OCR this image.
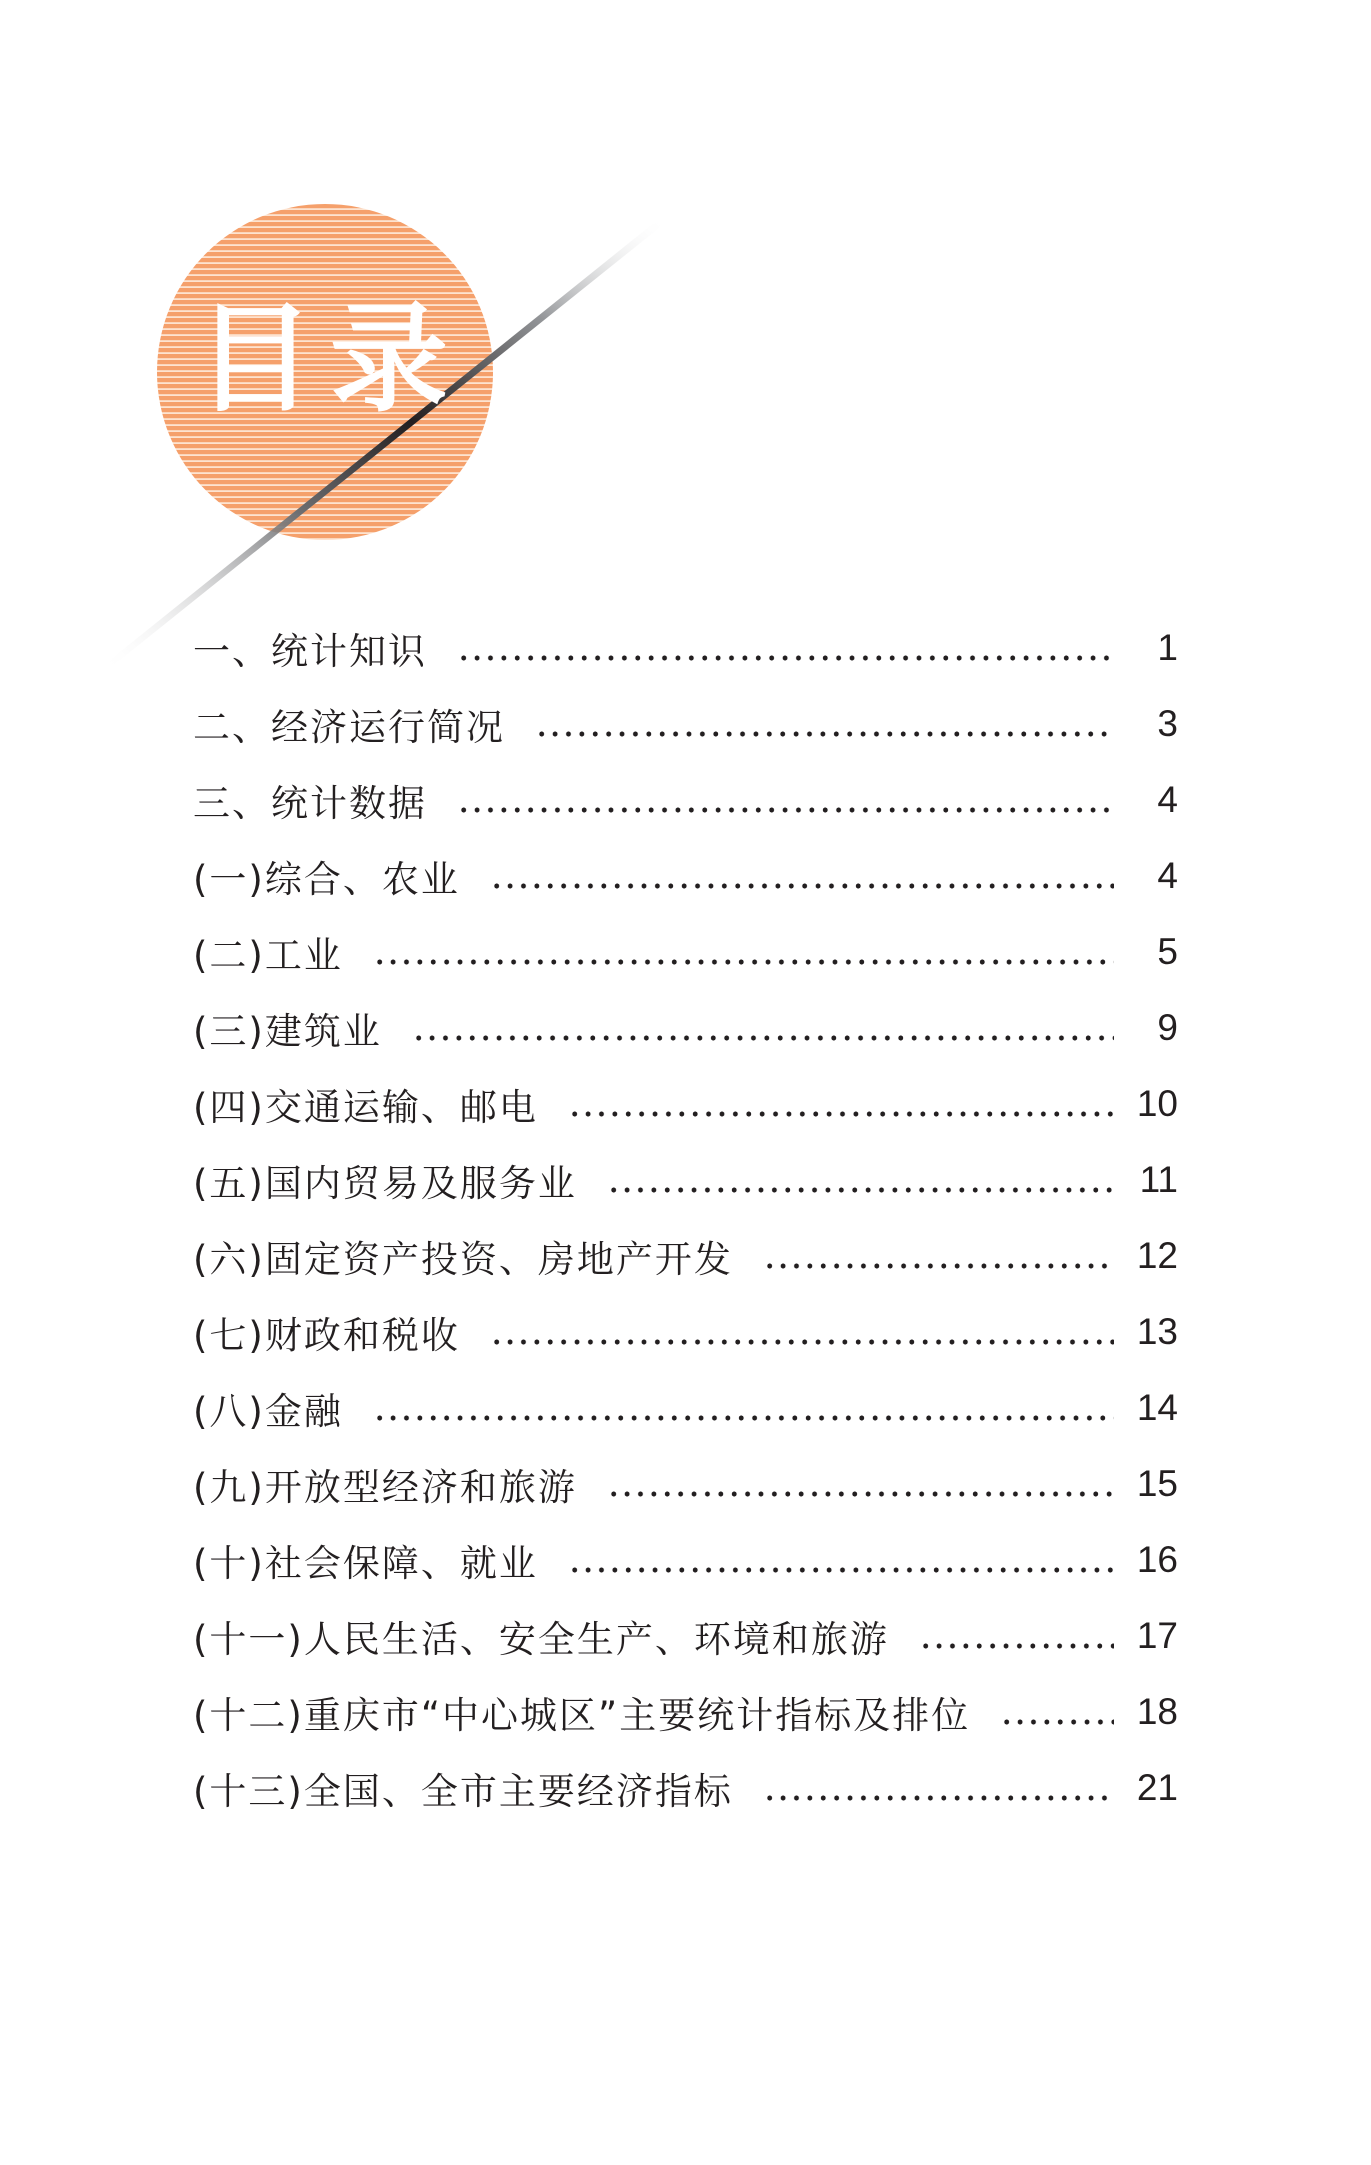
目录
一、统计知识	1
二、经济运行简况	3
三、统计数据	4
(一)综合、农业	4
(二)工业	5
(三)建筑业	9
(四)交通运输、邮电	10
(五)国内贸易及服务业	11
(六)固定资产投资、房地产开发	12
(七)财政和税收	13
(八)金融	14
(九)开放型经济和旅游	15
(十)社会保障、就业	16
(十一)人民生活、安全生产、环境和旅游	17
(十二)重庆市“中心城区”主要统计指标及排位	18
(十三)全国、全市主要经济指标	21
